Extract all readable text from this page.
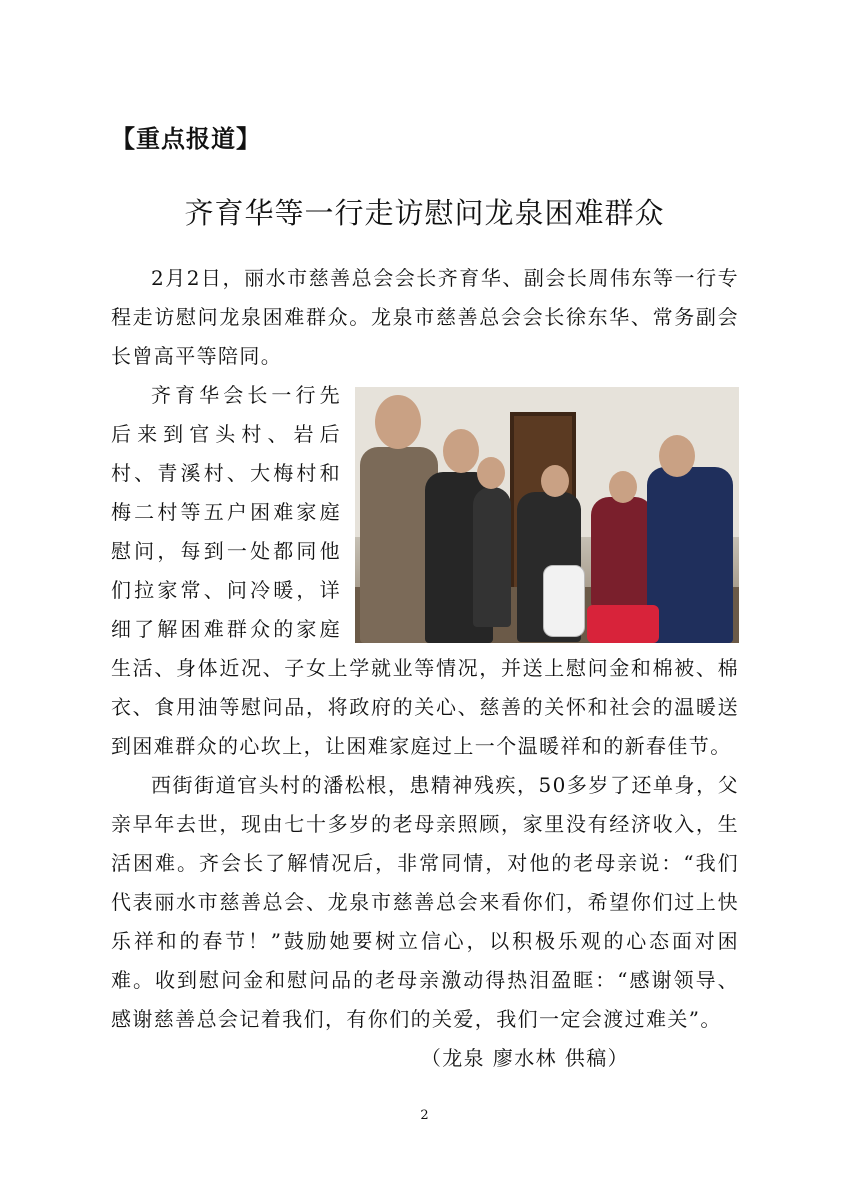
【重点报道】
齐育华等一行走访慰问龙泉困难群众

2月2日，丽水市慈善总会会长齐育华、副会长周伟东等一行专程走访慰问龙泉困难群众。龙泉市慈善总会会长徐东华、常务副会长曾高平等陪同。

齐育华会长一行先后来到官头村、岩后村、青溪村、大梅村和梅二村等五户困难家庭慰问，每到一处都同他们拉家常、问冷暖，详细了解困难群众的家庭生活、身体近况、子女上学就业等情况，并送上慰问金和棉被、棉衣、食用油等慰问品，将政府的关心、慈善的关怀和社会的温暖送到困难群众的心坎上，让困难家庭过上一个温暖祥和的新春佳节。

西街街道官头村的潘松根，患精神残疾，50多岁了还单身，父亲早年去世，现由七十多岁的老母亲照顾，家里没有经济收入，生活困难。齐会长了解情况后，非常同情，对他的老母亲说：“我们代表丽水市慈善总会、龙泉市慈善总会来看你们，希望你们过上快乐祥和的春节！”鼓励她要树立信心，以积极乐观的心态面对困难。收到慰问金和慰问品的老母亲激动得热泪盈眶：“感谢领导、感谢慈善总会记着我们，有你们的关爱，我们一定会渡过难关”。
（龙泉 廖水林 供稿）

2
